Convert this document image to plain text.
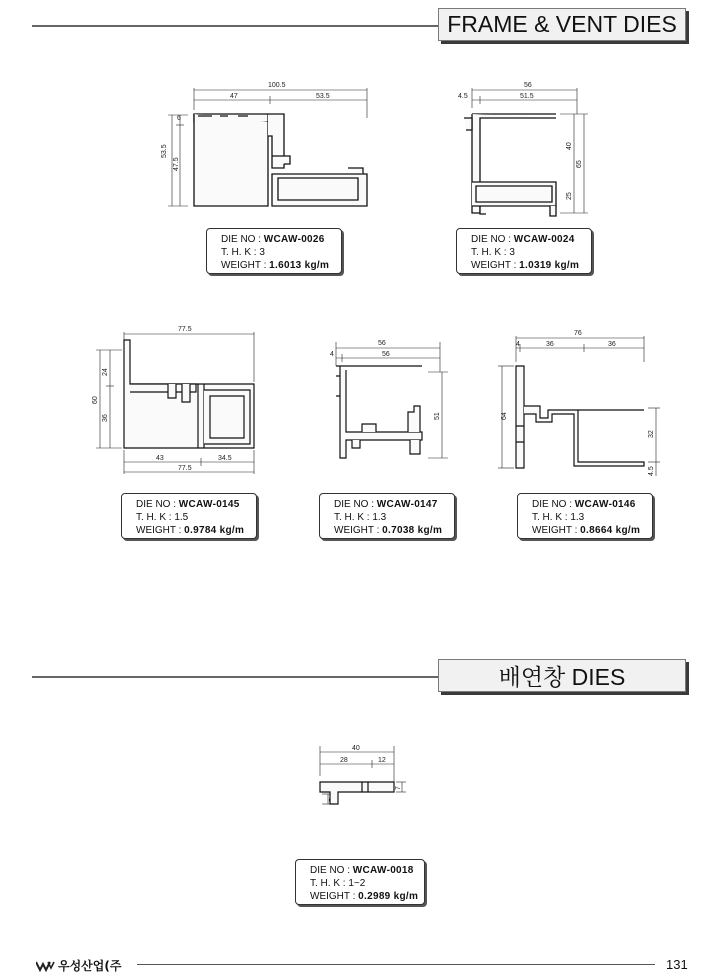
FRAME & VENT DIES
100.5
47	53.5
53.5
47.5
6
DIE NO : WCAW-0026
T. H. K : 3
WEIGHT : 1.6013 kg/m
56
4.5	51.5
40
65
25
DIE NO : WCAW-0024
T. H. K : 3
WEIGHT : 1.0319 kg/m
77.5
24
60
36
43	34.5
77.5
DIE NO : WCAW-0145
T. H. K : 1.5
WEIGHT : 0.9784 kg/m
56
4	56
51
DIE NO : WCAW-0147
T. H. K : 1.3
WEIGHT : 0.7038 kg/m
76
4	36	36
64
32
4.5
DIE NO : WCAW-0146
T. H. K : 1.3
WEIGHT : 0.8664 kg/m
배연창 DIES
40
28	12
7
DIE NO : WCAW-0018
T. H. K : 1~2
WEIGHT : 0.2989 kg/m
우성산업(주	131
